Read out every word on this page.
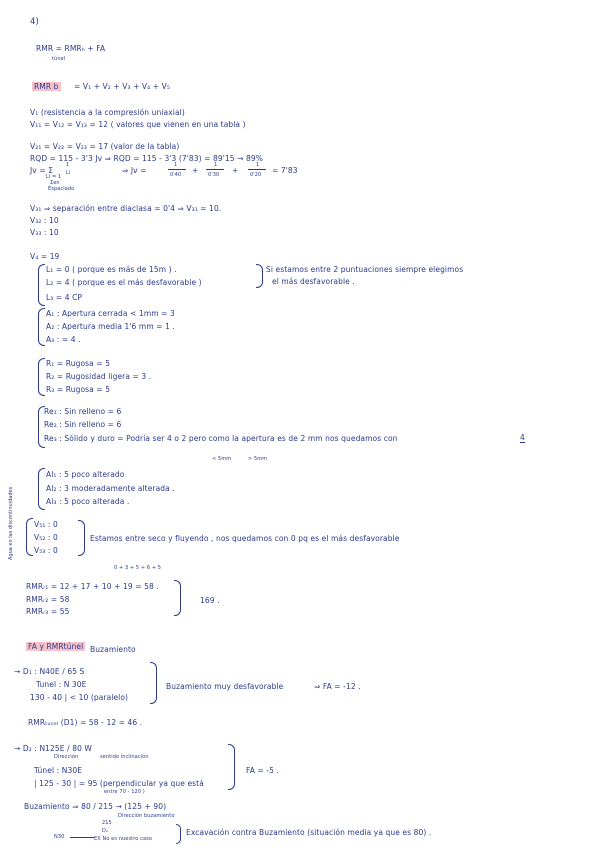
4)
RMR = RMRₕ + FA
túnel
RMR b = V₁ + V₂ + V₃ + V₄ + V₅
V₁ (resistencia a la compresión uniaxial)
V₁₁ = V₁₂ = V₁₃ = 12 ( valores que vienen en una tabla )
V₂₁ = V₂₂ = V₂₃ = 17 (valor de la tabla)
RQD = 115 - 3'3 Jv ⇒ RQD = 115 - 3'3 (7'83) = 89'15 → 89%
Jv = Σ
1
Li
Li = 1
Σen
Espaciado
⇒ Jv =
1
0'40 +
1
0'30 +
1
0'20 = 7'83
V₃₁ ⇒ separación entre diaclasa = 0'4 ⇒ V₃₁ = 10.
V₃₂ : 10
V₃₃ : 10
V₄ = 19
L₁ = 0 ( porque es más de 15m ) .
L₂ = 4 ( porque es el más desfavorable )
L₃ = 4 CP
Si estamos entre 2 puntuaciones siempre elegimos
el más desfavorable .
A₁ : Apertura cerrada < 1mm = 3
A₂ : Apertura media 1'6 mm = 1 .
A₃ : = 4 .
R₁ = Rugosa = 5
R₂ = Rugosidad ligera = 3 .
R₃ = Rugosa = 5
Re₁ : Sin relleno = 6
Re₂ : Sin relleno = 6
Re₃ : Sólido y duro = Podría ser 4 o 2 pero como la apertura es de 2 mm nos quedamos con	4
< 5mm	> 5mm
Al₁ : 5 poco alterado
Al₂ : 3 moderadamente alterada .
Al₃ : 5 poco alterada .
Agua en las discontinuidades	V₅₁ : 0
V₅₂ : 0
V₅₃ : 0
Estamos entre seco y fluyendo , nos quedamos con 0 pq es el más desfavorable
0 + 3 + 5 + 6 + 5
RMRᵣ₁ = 12 + 17 + 10 + 19 = 58 .
RMRᵣ₂ = 58
RMRᵣ₃ = 55
169 .
FA y RMRtúnel Buzamiento
→ D₁ : N40E / 65 S
Tunel : N 30E
130 - 40 | < 10 (paralelo)
Buzamiento muy desfavorable	⇒ FA = -12 .
RMRₜᵤₙₑₗ (D1) = 58 - 12 = 46 .
→ D₂ : N125E / 80 W
Dirección	sentido inclinación
Túnel : N30E
| 125 - 30 | = 95 (perpendicular ya que está
entre 70 - 120 )
FA = -5 .
Buzamiento ⇒ 80 / 215 → (125 + 90)
Dirección buzamiento
215
D₂
N30	EX No es nuestro caso
Excavación contra Buzamiento (situación media ya que es 80) .
